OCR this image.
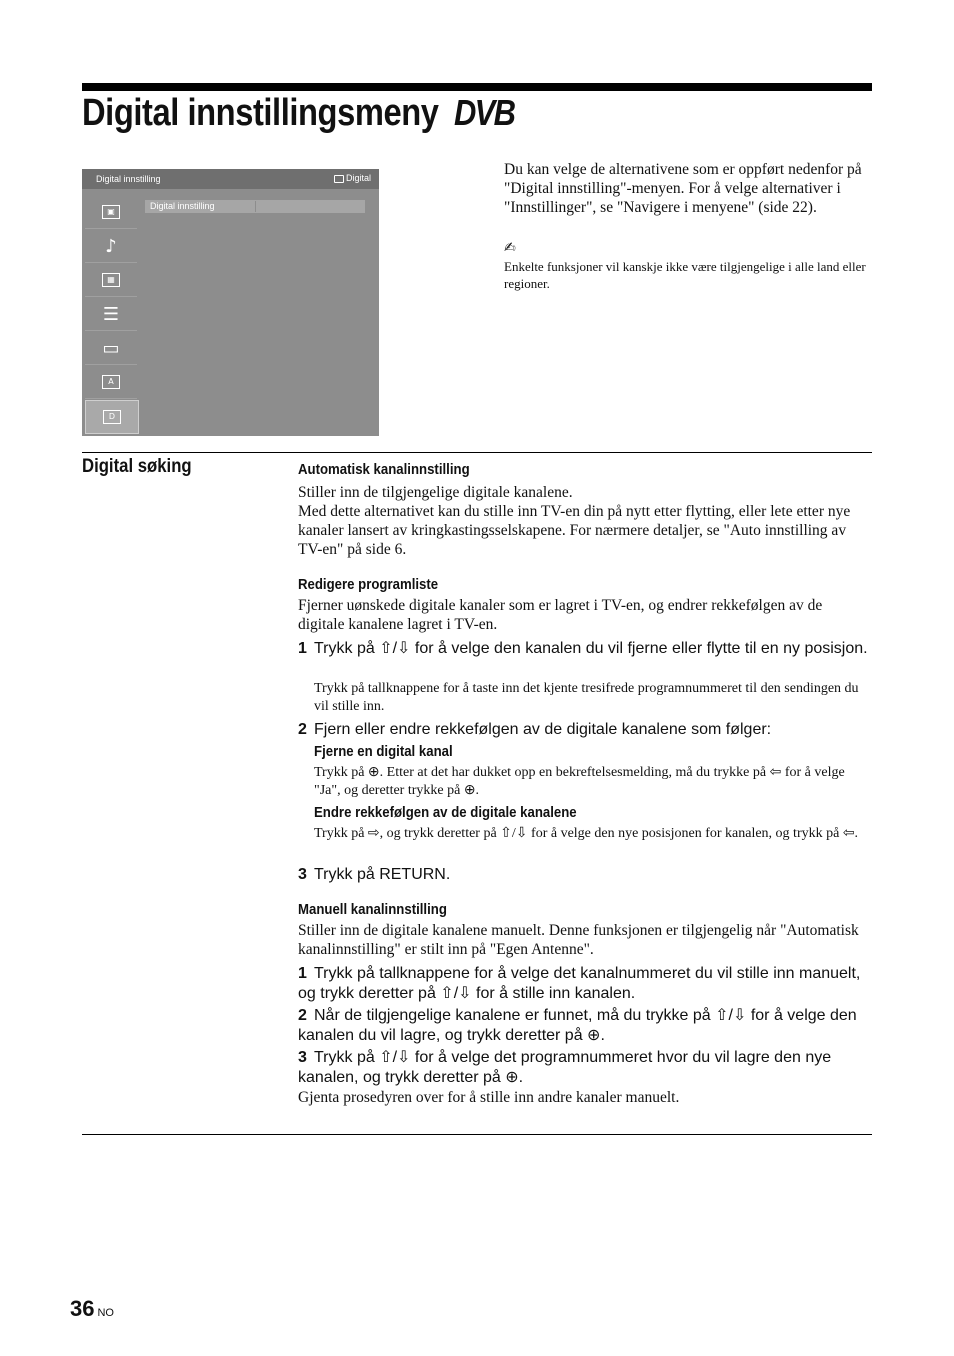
Digital innstillingsmeny DVB
Digital innstilling	Digital
▣
♪
▦
☰
▭
A
D
Digital innstilling
Du kan velge de alternativene som er oppført nedenfor på "Digital innstilling"-menyen. For å velge alternativer i "Innstillinger", se "Navigere i menyene" (side 22).
✍
Enkelte funksjoner vil kanskje ikke være tilgjengelige i alle land eller regioner.
Digital søking	Automatisk kanalinnstilling
Stiller inn de tilgjengelige digitale kanalene.
Med dette alternativet kan du stille inn TV-en din på nytt etter flytting, eller lete etter nye kanaler lansert av kringkastingsselskapene. For nærmere detaljer, se "Auto innstilling av TV-en" på side 6.
Redigere programliste
Fjerner uønskede digitale kanaler som er lagret i TV-en, og endrer rekkefølgen av de digitale kanalene lagret i TV-en.
1 Trykk på ⇧/⇩ for å velge den kanalen du vil fjerne eller flytte til en ny posisjon.
Trykk på tallknappene for å taste inn det kjente tresifrede programnummeret til den sendingen du vil stille inn.
2 Fjern eller endre rekkefølgen av de digitale kanalene som følger:
Fjerne en digital kanal
Trykk på ⊕. Etter at det har dukket opp en bekreftelsesmelding, må du trykke på ⇦ for å velge "Ja", og deretter trykke på ⊕.
Endre rekkefølgen av de digitale kanalene
Trykk på ⇨, og trykk deretter på ⇧/⇩ for å velge den nye posisjonen for kanalen, og trykk på ⇦.
3 Trykk på RETURN.
Manuell kanalinnstilling
Stiller inn de digitale kanalene manuelt. Denne funksjonen er tilgjengelig når "Automatisk kanalinnstilling" er stilt inn på "Egen Antenne".
1 Trykk på tallknappene for å velge det kanalnummeret du vil stille inn manuelt, og trykk deretter på ⇧/⇩ for å stille inn kanalen.
2 Når de tilgjengelige kanalene er funnet, må du trykke på ⇧/⇩ for å velge den kanalen du vil lagre, og trykk deretter på ⊕.
3 Trykk på ⇧/⇩ for å velge det programnummeret hvor du vil lagre den nye kanalen, og trykk deretter på ⊕.
Gjenta prosedyren over for å stille inn andre kanaler manuelt.
36 NO
